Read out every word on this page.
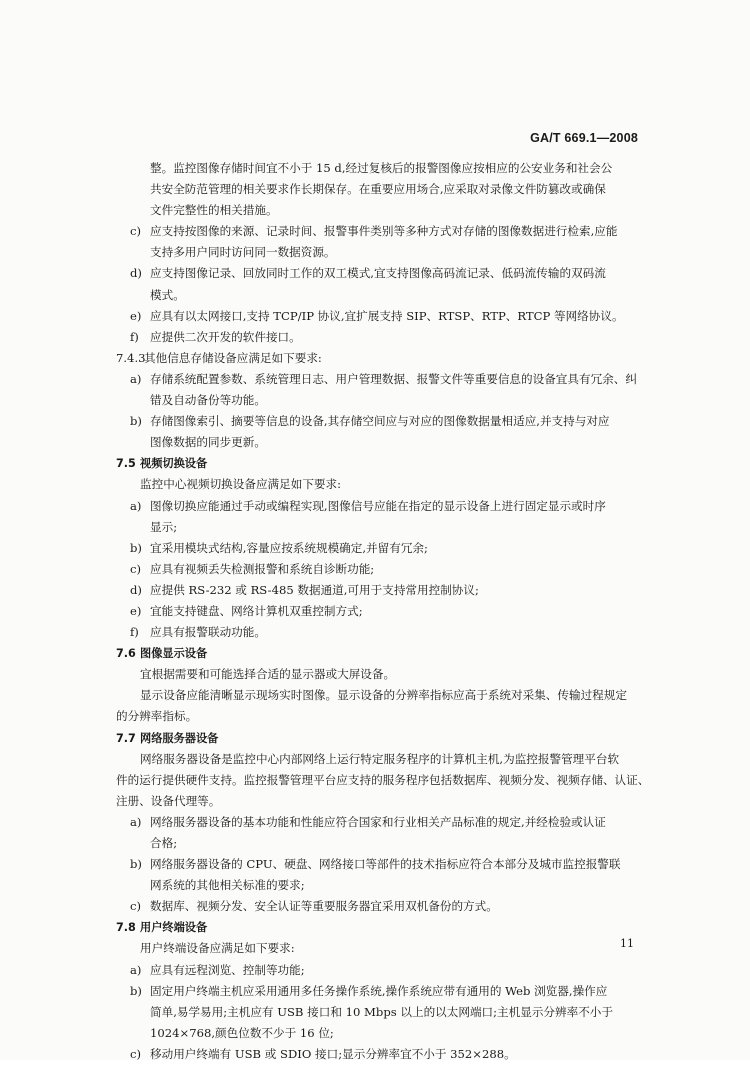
GA/T 669.1—2008
整。监控图像存储时间宜不小于 15 d,经过复核后的报警图像应按相应的公安业务和社会公
共安全防范管理的相关要求作长期保存。在重要应用场合,应采取对录像文件防篡改或确保
文件完整性的相关措施。
c) 应支持按图像的来源、记录时间、报警事件类别等多种方式对存储的图像数据进行检索,应能
支持多用户同时访问同一数据资源。
d) 应支持图像记录、回放同时工作的双工模式,宜支持图像高码流记录、低码流传输的双码流
模式。
e) 应具有以太网接口,支持 TCP/IP 协议,宜扩展支持 SIP、RTSP、RTP、RTCP 等网络协议。
f) 应提供二次开发的软件接口。
7.4.3其他信息存储设备应满足如下要求:
a) 存储系统配置参数、系统管理日志、用户管理数据、报警文件等重要信息的设备宜具有冗余、纠
错及自动备份等功能。
b) 存储图像索引、摘要等信息的设备,其存储空间应与对应的图像数据量相适应,并支持与对应
图像数据的同步更新。
7.5 视频切换设备
监控中心视频切换设备应满足如下要求:
a) 图像切换应能通过手动或编程实现,图像信号应能在指定的显示设备上进行固定显示或时序
显示;
b) 宜采用模块式结构,容量应按系统规模确定,并留有冗余;
c) 应具有视频丢失检测报警和系统自诊断功能;
d) 应提供 RS-232 或 RS-485 数据通道,可用于支持常用控制协议;
e) 宜能支持键盘、网络计算机双重控制方式;
f) 应具有报警联动功能。
7.6 图像显示设备
宜根据需要和可能选择合适的显示器或大屏设备。
显示设备应能清晰显示现场实时图像。显示设备的分辨率指标应高于系统对采集、传输过程规定
的分辨率指标。
7.7 网络服务器设备
网络服务器设备是监控中心内部网络上运行特定服务程序的计算机主机,为监控报警管理平台软
件的运行提供硬件支持。监控报警管理平台应支持的服务程序包括数据库、视频分发、视频存储、认证、
注册、设备代理等。
a) 网络服务器设备的基本功能和性能应符合国家和行业相关产品标准的规定,并经检验或认证
合格;
b) 网络服务器设备的 CPU、硬盘、网络接口等部件的技术指标应符合本部分及城市监控报警联
网系统的其他相关标准的要求;
c) 数据库、视频分发、安全认证等重要服务器宜采用双机备份的方式。
7.8 用户终端设备
用户终端设备应满足如下要求:
a) 应具有远程浏览、控制等功能;
b) 固定用户终端主机应采用通用多任务操作系统,操作系统应带有通用的 Web 浏览器,操作应
简单,易学易用;主机应有 USB 接口和 10 Mbps 以上的以太网端口;主机显示分辨率不小于
1024×768,颜色位数不少于 16 位;
c) 移动用户终端有 USB 或 SDIO 接口;显示分辨率宜不小于 352×288。
11
